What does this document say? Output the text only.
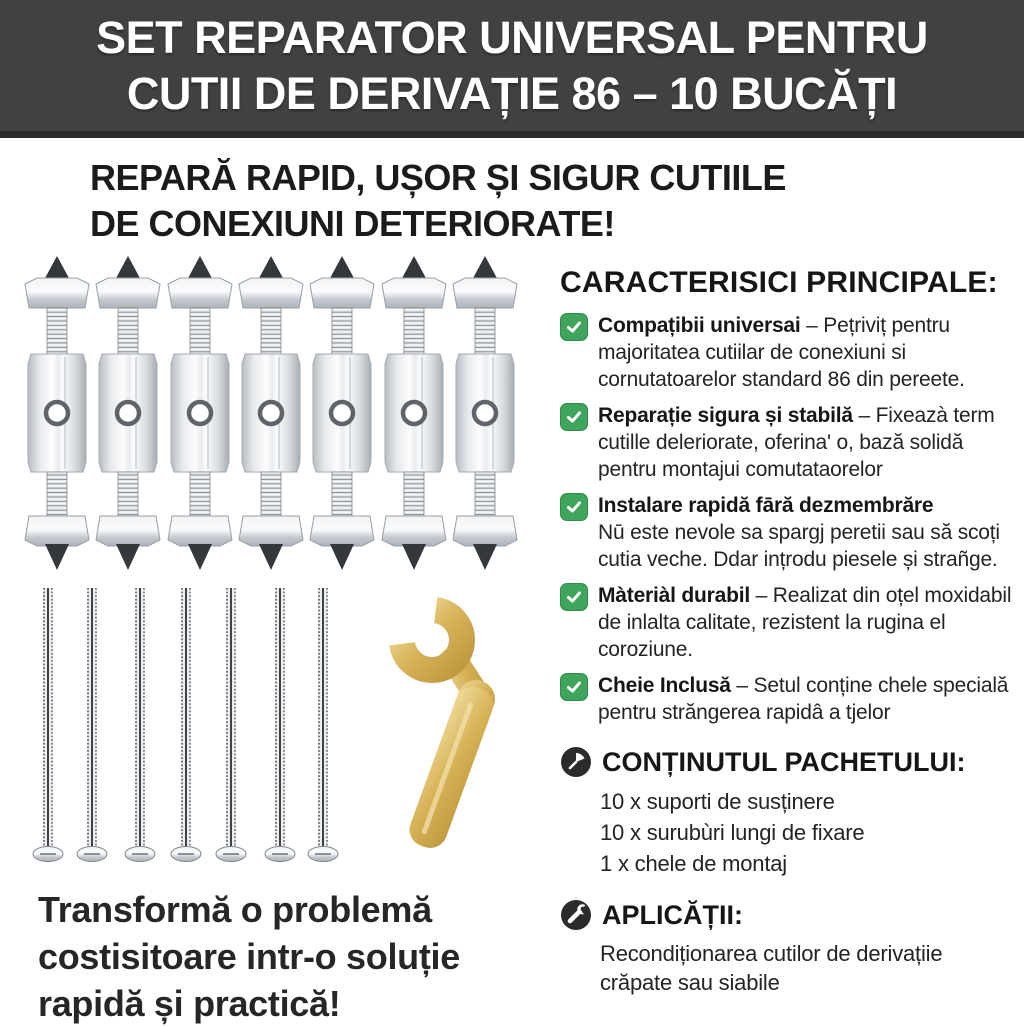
SET REPARATOR UNIVERSAL PENTRU
CUTII DE DERIVAȚIE 86 – 10 BUCĂȚI
REPARĂ RAPID, UȘOR ȘI SIGUR CUTIILE
DE CONEXIUNI DETERIORATE!
Transformă o problemă
costisitoare intr-o soluție
rapidă și practică!
CARACTERISICI PRINCIPALE:

Compațibii universai – Pețriviț pentru majoritatea cutiilar de conexiuni si cornutatoarelor standard 86 din pereete.

Reparație sigura și stabilă – Fixeazà term cutille deleriorate, oferina' o, bază solidă pentru montajui comutataorelor

Instalare rapidă fāră dezmembrăre
Nū este nevole sa spargj peretii sau să scoți cutia veche. Ddar ințrodu piesele și strañge.

Màteriàl durabil – Realizat din oțel moxidabil de inlalta calitate, rezistent la rugina el coroziune.

Cheie Inclusă – Setul conține chele specială pentru străngerea rapidâ a tjelor

CONȚINUTUL PACHETULUI:
10 x suporti de susținere
10 x surubùri lungi de fixare
1 x chele de montaj
APLICĂȚII:
Recondiționarea cutilor de derivațiie
crăpate sau siabile
